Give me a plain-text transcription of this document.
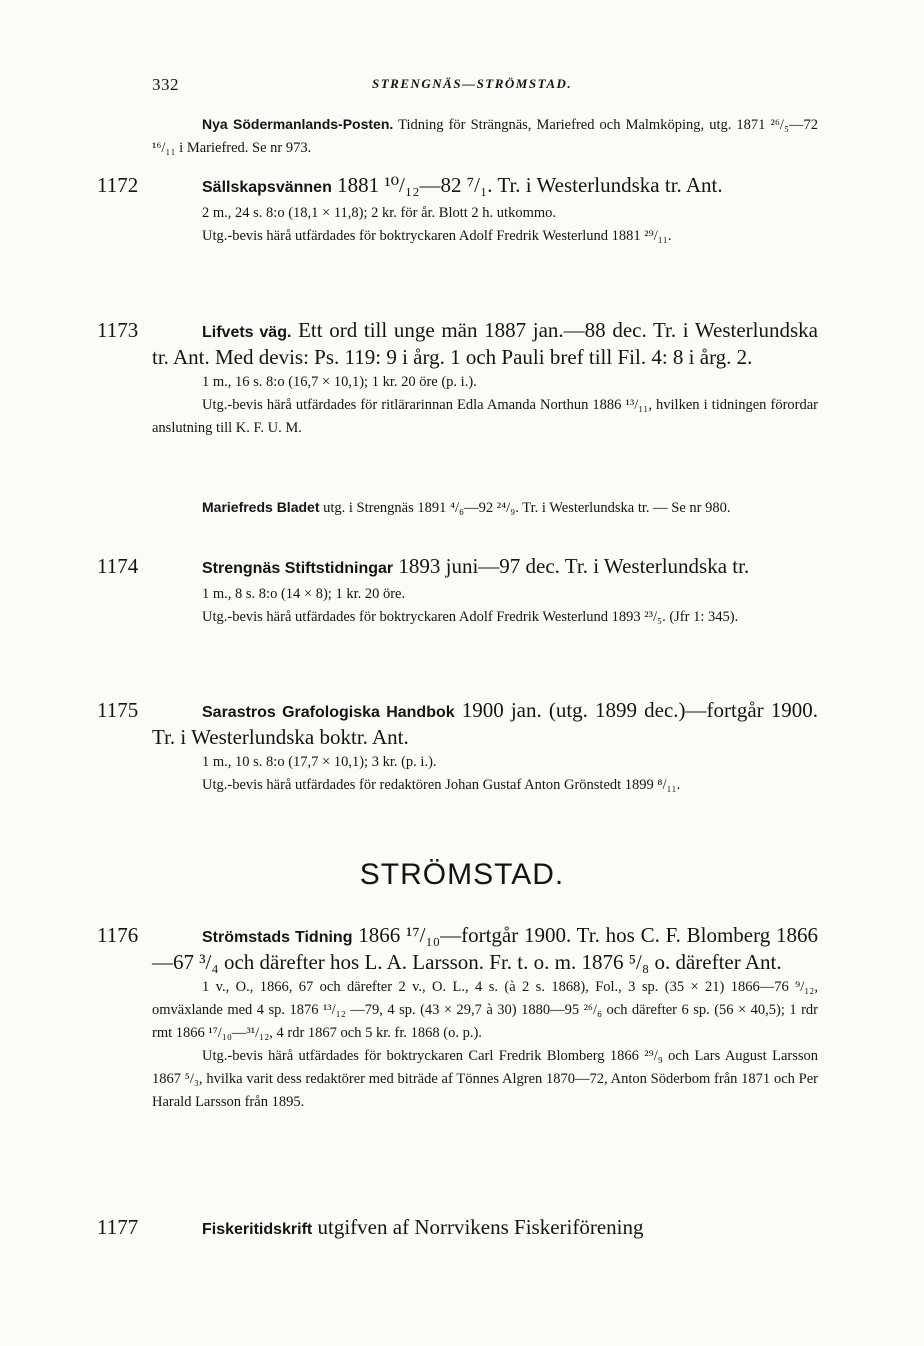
332	STRENGNÄS—STRÖMSTAD.

Nya Södermanlands-Posten. Tidning för Strängnäs, Mariefred och Malmköping, utg. 1871 ²⁶/₅—72 ¹⁶/₁₁ i Mariefred. Se nr 973.

1172	Sällskapsvännen 1881 ¹⁰/₁₂—82 ⁷/₁. Tr. i Westerlundska tr. Ant.

2 m., 24 s. 8:o (18,1 × 11,8); 2 kr. för år. Blott 2 h. utkommo.

Utg.-bevis härå utfärdades för boktryckaren Adolf Fredrik Westerlund 1881 ²⁹/₁₁.

1173	Lifvets väg. Ett ord till unge män 1887 jan.—88 dec. Tr. i Westerlundska tr. Ant. Med devis: Ps. 119: 9 i årg. 1 och Pauli bref till Fil. 4: 8 i årg. 2.

1 m., 16 s. 8:o (16,7 × 10,1); 1 kr. 20 öre (p. i.).

Utg.-bevis härå utfärdades för ritlärarinnan Edla Amanda Northun 1886 ¹³/₁₁, hvilken i tidningen förordar anslutning till K. F. U. M.

Mariefreds Bladet utg. i Strengnäs 1891 ⁴/₆—92 ²⁴/₉. Tr. i Westerlundska tr. — Se nr 980.

1174	Strengnäs Stiftstidningar 1893 juni—97 dec. Tr. i Westerlundska tr.

1 m., 8 s. 8:o (14 × 8); 1 kr. 20 öre.

Utg.-bevis härå utfärdades för boktryckaren Adolf Fredrik Westerlund 1893 ²³/₅. (Jfr 1: 345).

1175	Sarastros Grafologiska Handbok 1900 jan. (utg. 1899 dec.)—fortgår 1900. Tr. i Westerlundska boktr. Ant.

1 m., 10 s. 8:o (17,7 × 10,1); 3 kr. (p. i.).

Utg.-bevis härå utfärdades för redaktören Johan Gustaf Anton Grönstedt 1899 ⁸/₁₁.

STRÖMSTAD.
1176	Strömstads Tidning 1866 ¹⁷/₁₀—fortgår 1900. Tr. hos C. F. Blomberg 1866—67 ³/₄ och därefter hos L. A. Larsson. Fr. t. o. m. 1876 ⁵/₈ o. därefter Ant.

1 v., O., 1866, 67 och därefter 2 v., O. L., 4 s. (à 2 s. 1868), Fol., 3 sp. (35 × 21) 1866—76 ⁹/₁₂, omväxlande med 4 sp. 1876 ¹³/₁₂ —79, 4 sp. (43 × 29,7 à 30) 1880—95 ²⁶/₆ och därefter 6 sp. (56 × 40,5); 1 rdr rmt 1866 ¹⁷/₁₀—³¹/₁₂, 4 rdr 1867 och 5 kr. fr. 1868 (o. p.).

Utg.-bevis härå utfärdades för boktryckaren Carl Fredrik Blomberg 1866 ²⁹/₉ och Lars August Larsson 1867 ⁵/₃, hvilka varit dess redaktörer med biträde af Tönnes Algren 1870—72, Anton Söderbom från 1871 och Per Harald Larsson från 1895.

1177	Fiskeritidskrift utgifven af Norrvikens Fiskeriförening
